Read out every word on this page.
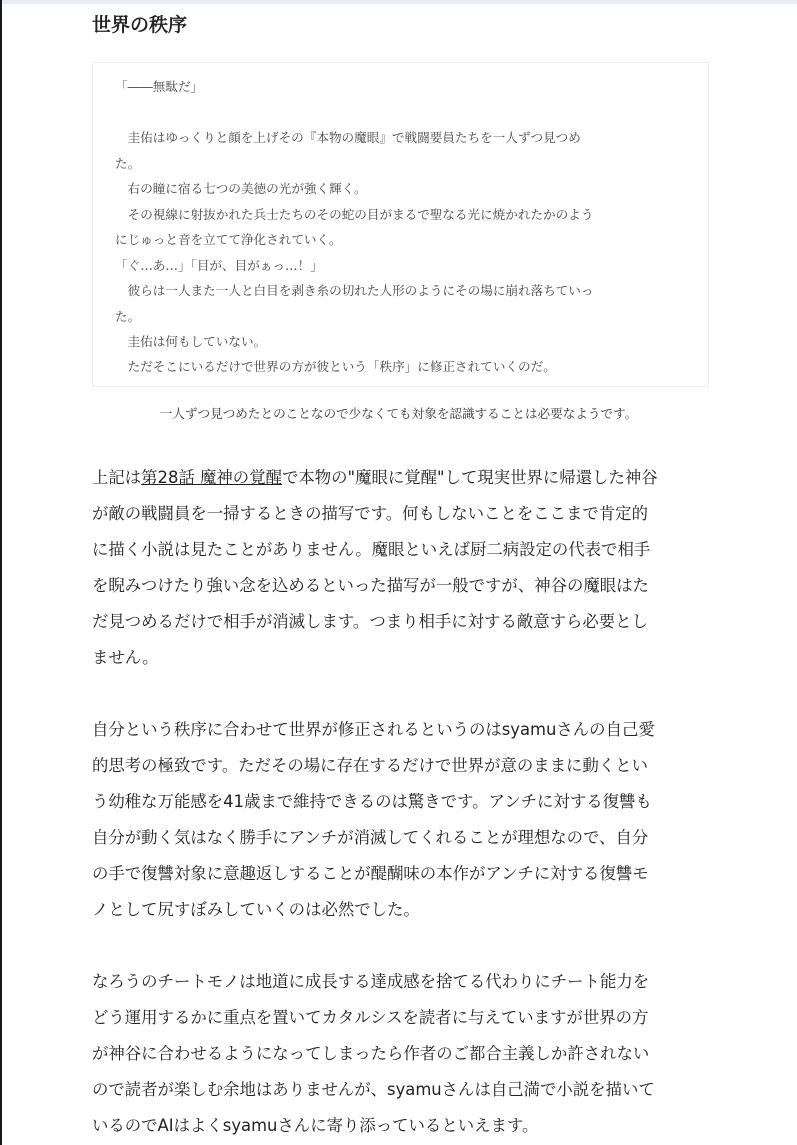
世界の秩序
「――無駄だ」
　圭佑はゆっくりと顔を上げその『本物の魔眼』で戦闘要員たちを一人ずつ見つめ
た。
　右の瞳に宿る七つの美徳の光が強く輝く。
　その視線に射抜かれた兵士たちのその蛇の目がまるで聖なる光に焼かれたかのよう
にじゅっと音を立てて浄化されていく。
「ぐ…あ…」「目が、目がぁっ…！」
　彼らは一人また一人と白目を剥き糸の切れた人形のようにその場に崩れ落ちていっ
た。
　圭佑は何もしていない。
　ただそこにいるだけで世界の方が彼という「秩序」に修正されていくのだ。
一人ずつ見つめたとのことなので少なくても対象を認識することは必要なようです。

上記は第28話 魔神の覚醒で本物の"魔眼に覚醒"して現実世界に帰還した神谷
が敵の戦闘員を一掃するときの描写です。何もしないことをここまで肯定的
に描く小説は見たことがありません。魔眼といえば厨二病設定の代表で相手
を睨みつけたり強い念を込めるといった描写が一般ですが、神谷の魔眼はた
だ見つめるだけで相手が消滅します。つまり相手に対する敵意すら必要とし
ません。

自分という秩序に合わせて世界が修正されるというのはsyamuさんの自己愛
的思考の極致です。ただその場に存在するだけで世界が意のままに動くとい
う幼稚な万能感を41歳まで維持できるのは驚きです。アンチに対する復讐も
自分が動く気はなく勝手にアンチが消滅してくれることが理想なので、自分
の手で復讐対象に意趣返しすることが醍醐味の本作がアンチに対する復讐モ
ノとして尻すぼみしていくのは必然でした。

なろうのチートモノは地道に成長する達成感を捨てる代わりにチート能力を
どう運用するかに重点を置いてカタルシスを読者に与えていますが世界の方
が神谷に合わせるようになってしまったら作者のご都合主義しか許されない
ので読者が楽しむ余地はありませんが、syamuさんは自己満で小説を描いて
いるのでAIはよくsyamuさんに寄り添っているといえます。
